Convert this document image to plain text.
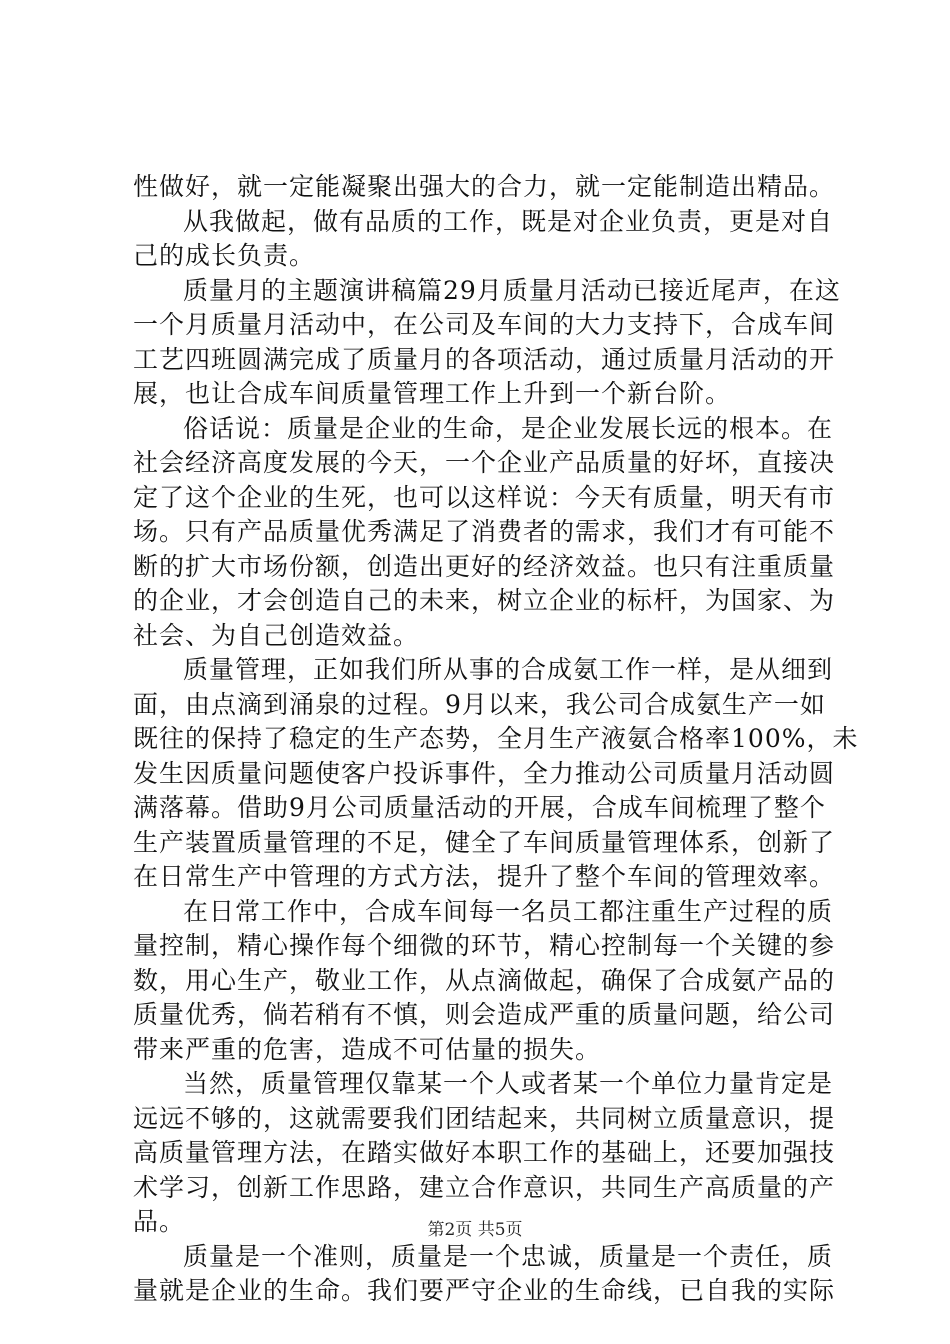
性做好，就一定能凝聚出强大的合力，就一定能制造出精品。
从我做起，做有品质的工作，既是对企业负责，更是对自
己的成长负责。
质量月的主题演讲稿篇29月质量月活动已接近尾声，在这
一个月质量月活动中，在公司及车间的大力支持下，合成车间
工艺四班圆满完成了质量月的各项活动，通过质量月活动的开
展，也让合成车间质量管理工作上升到一个新台阶。
俗话说：质量是企业的生命，是企业发展长远的根本。在
社会经济高度发展的今天，一个企业产品质量的好坏，直接决
定了这个企业的生死，也可以这样说：今天有质量，明天有市
场。只有产品质量优秀满足了消费者的需求，我们才有可能不
断的扩大市场份额，创造出更好的经济效益。也只有注重质量
的企业，才会创造自己的未来，树立企业的标杆，为国家、为
社会、为自己创造效益。
质量管理，正如我们所从事的合成氨工作一样，是从细到
面，由点滴到涌泉的过程。9月以来，我公司合成氨生产一如
既往的保持了稳定的生产态势，全月生产液氨合格率100%，未
发生因质量问题使客户投诉事件，全力推动公司质量月活动圆
满落幕。借助9月公司质量活动的开展，合成车间梳理了整个
生产装置质量管理的不足，健全了车间质量管理体系，创新了
在日常生产中管理的方式方法，提升了整个车间的管理效率。
在日常工作中，合成车间每一名员工都注重生产过程的质
量控制，精心操作每个细微的环节，精心控制每一个关键的参
数，用心生产，敬业工作，从点滴做起，确保了合成氨产品的
质量优秀，倘若稍有不慎，则会造成严重的质量问题，给公司
带来严重的危害，造成不可估量的损失。
当然，质量管理仅靠某一个人或者某一个单位力量肯定是
远远不够的，这就需要我们团结起来，共同树立质量意识，提
高质量管理方法，在踏实做好本职工作的基础上，还要加强技
术学习，创新工作思路，建立合作意识，共同生产高质量的产
品。
质量是一个准则，质量是一个忠诚，质量是一个责任，质
量就是企业的生命。我们要严守企业的生命线，已自我的实际
第2页 共5页
